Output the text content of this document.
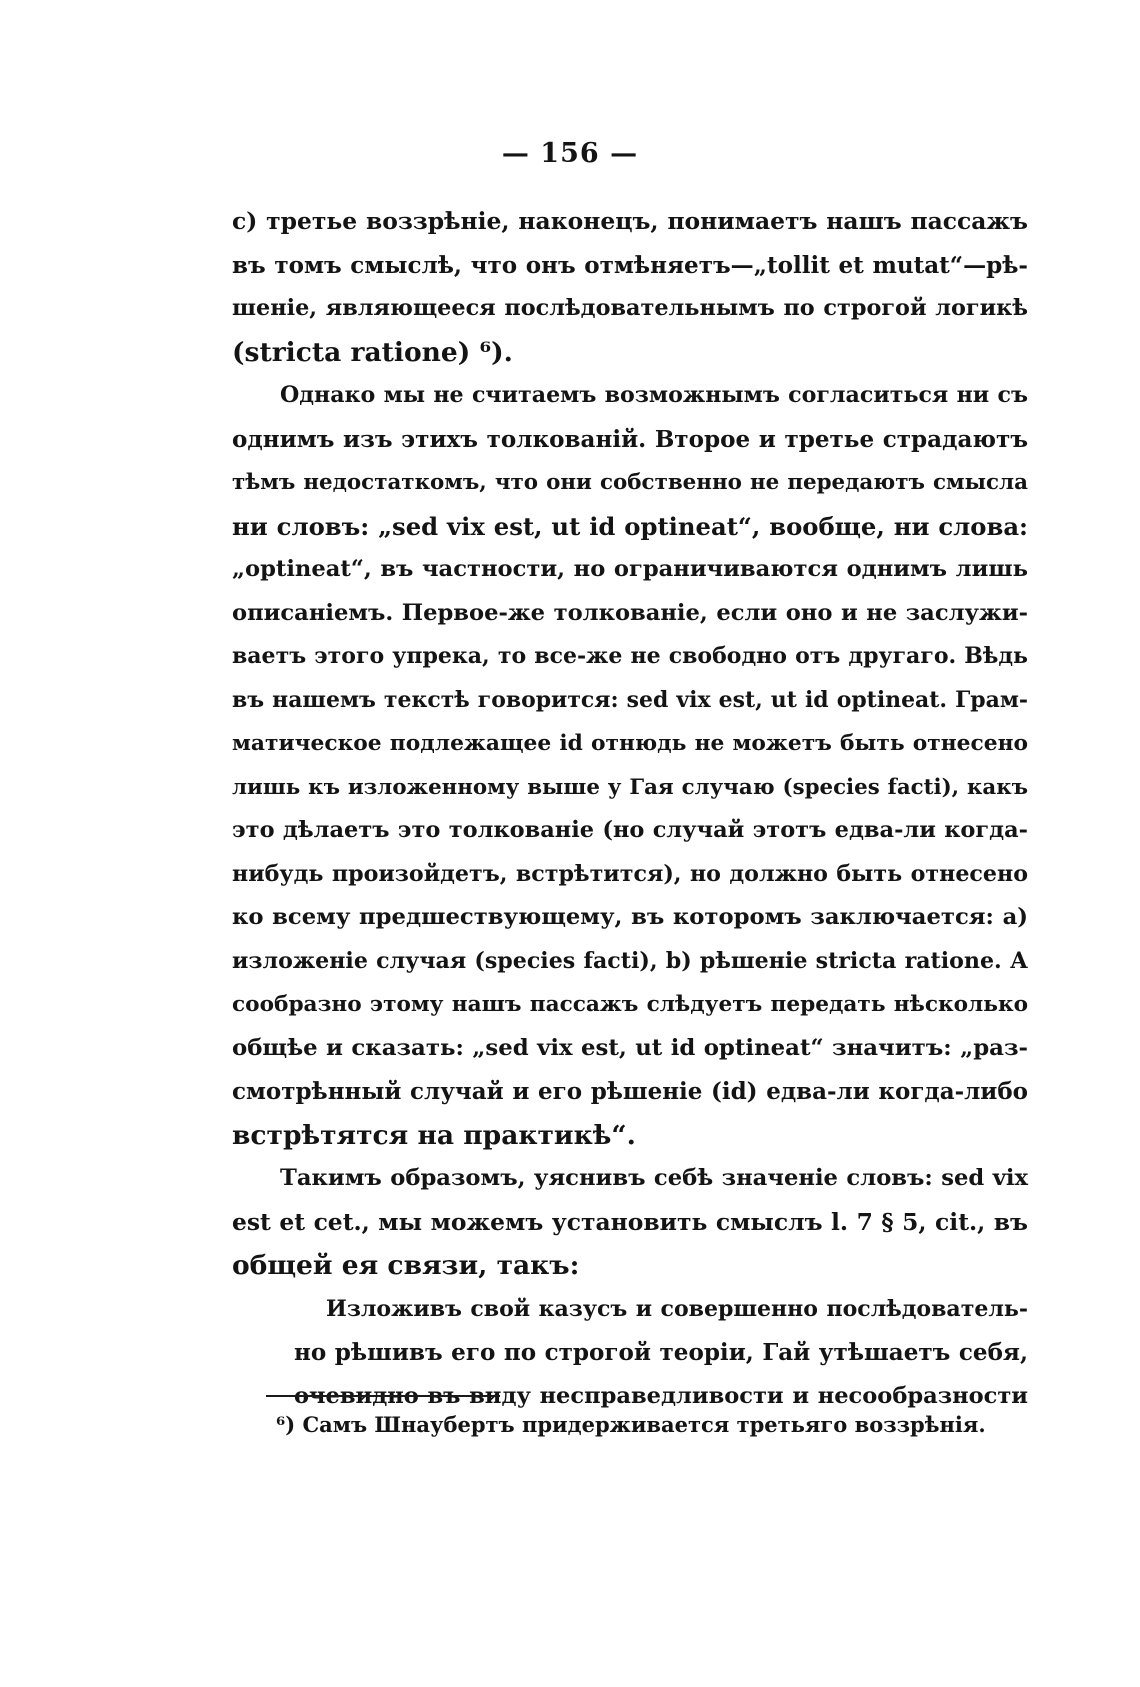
— 156 —
c) третье воззрѣніе, наконецъ, понимаетъ нашъ пассажъ
въ томъ смыслѣ, что онъ отмѣняетъ—„tollit et mutat“—рѣ-
шеніе, являющееся послѣдовательнымъ по строгой логикѣ
(stricta ratione) ⁶).
Однако мы не считаемъ возможнымъ согласиться ни съ
однимъ изъ этихъ толкованій. Второе и третье страдаютъ
тѣмъ недостаткомъ, что они собственно не передаютъ смысла
ни словъ: „sed vix est, ut id optineat“, вообще, ни слова:
„optineat“, въ частности, но ограничиваются однимъ лишь
описаніемъ. Первое-же толкованіе, если оно и не заслужи-
ваетъ этого упрека, то все-же не свободно отъ другаго. Вѣдь
въ нашемъ текстѣ говорится: sed vix est, ut id optineat. Грам-
матическое подлежащее id отнюдь не можетъ быть отнесено
лишь къ изложенному выше у Гая случаю (species facti), какъ
это дѣлаетъ это толкованіе (но случай этотъ едва-ли когда-
нибудь произойдетъ, встрѣтится), но должно быть отнесено
ко всему предшествующему, въ которомъ заключается: a)
изложеніе случая (species facti), b) рѣшеніе stricta ratione. А
сообразно этому нашъ пассажъ слѣдуетъ передать нѣсколько
общѣе и сказать: „sed vix est, ut id optineat“ значитъ: „раз-
смотрѣнный случай и его рѣшеніе (id) едва-ли когда-либо
встрѣтятся на практикѣ“.
Такимъ образомъ, уяснивъ себѣ значеніе словъ: sed vix
est et cet., мы можемъ установить смыслъ l. 7 § 5, cit., въ
общей ея связи, такъ:
Изложивъ свой казусъ и совершенно послѣдователь-
но рѣшивъ его по строгой теоріи, Гай утѣшаетъ себя,
очевидно въ виду несправедливости и несообразности
⁶) Самъ Шнаубертъ придерживается третьяго воззрѣнія.
